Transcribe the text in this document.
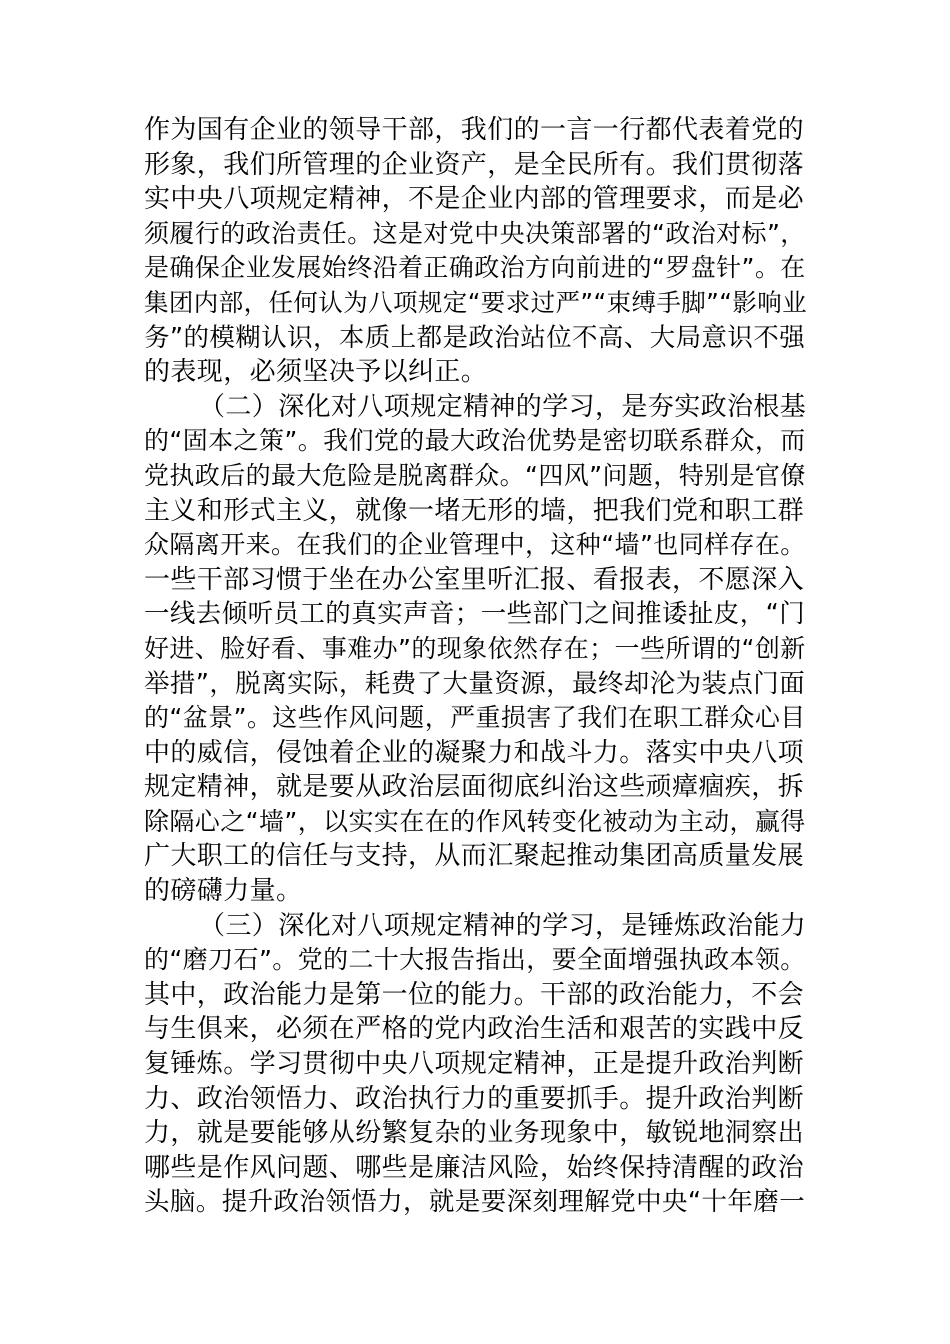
作为国有企业的领导干部，我们的一言一行都代表着党的
形象，我们所管理的企业资产，是全民所有。我们贯彻落
实中央八项规定精神，不是企业内部的管理要求，而是必
须履行的政治责任。这是对党中央决策部署的“政治对标”，
是确保企业发展始终沿着正确政治方向前进的“罗盘针”。在
集团内部，任何认为八项规定“要求过严”“束缚手脚”“影响业
务”的模糊认识，本质上都是政治站位不高、大局意识不强
的表现，必须坚决予以纠正。
（二）深化对八项规定精神的学习，是夯实政治根基
的“固本之策”。我们党的最大政治优势是密切联系群众，而
党执政后的最大危险是脱离群众。“四风”问题，特别是官僚
主义和形式主义，就像一堵无形的墙，把我们党和职工群
众隔离开来。在我们的企业管理中，这种“墙”也同样存在。
一些干部习惯于坐在办公室里听汇报、看报表，不愿深入
一线去倾听员工的真实声音；一些部门之间推诿扯皮，“门
好进、脸好看、事难办”的现象依然存在；一些所谓的“创新
举措”，脱离实际，耗费了大量资源，最终却沦为装点门面
的“盆景”。这些作风问题，严重损害了我们在职工群众心目
中的威信，侵蚀着企业的凝聚力和战斗力。落实中央八项
规定精神，就是要从政治层面彻底纠治这些顽瘴痼疾，拆
除隔心之“墙”，以实实在在的作风转变化被动为主动，赢得
广大职工的信任与支持，从而汇聚起推动集团高质量发展
的磅礴力量。
（三）深化对八项规定精神的学习，是锤炼政治能力
的“磨刀石”。党的二十大报告指出，要全面增强执政本领。
其中，政治能力是第一位的能力。干部的政治能力，不会
与生俱来，必须在严格的党内政治生活和艰苦的实践中反
复锤炼。学习贯彻中央八项规定精神，正是提升政治判断
力、政治领悟力、政治执行力的重要抓手。提升政治判断
力，就是要能够从纷繁复杂的业务现象中，敏锐地洞察出
哪些是作风问题、哪些是廉洁风险，始终保持清醒的政治
头脑。提升政治领悟力，就是要深刻理解党中央“十年磨一
